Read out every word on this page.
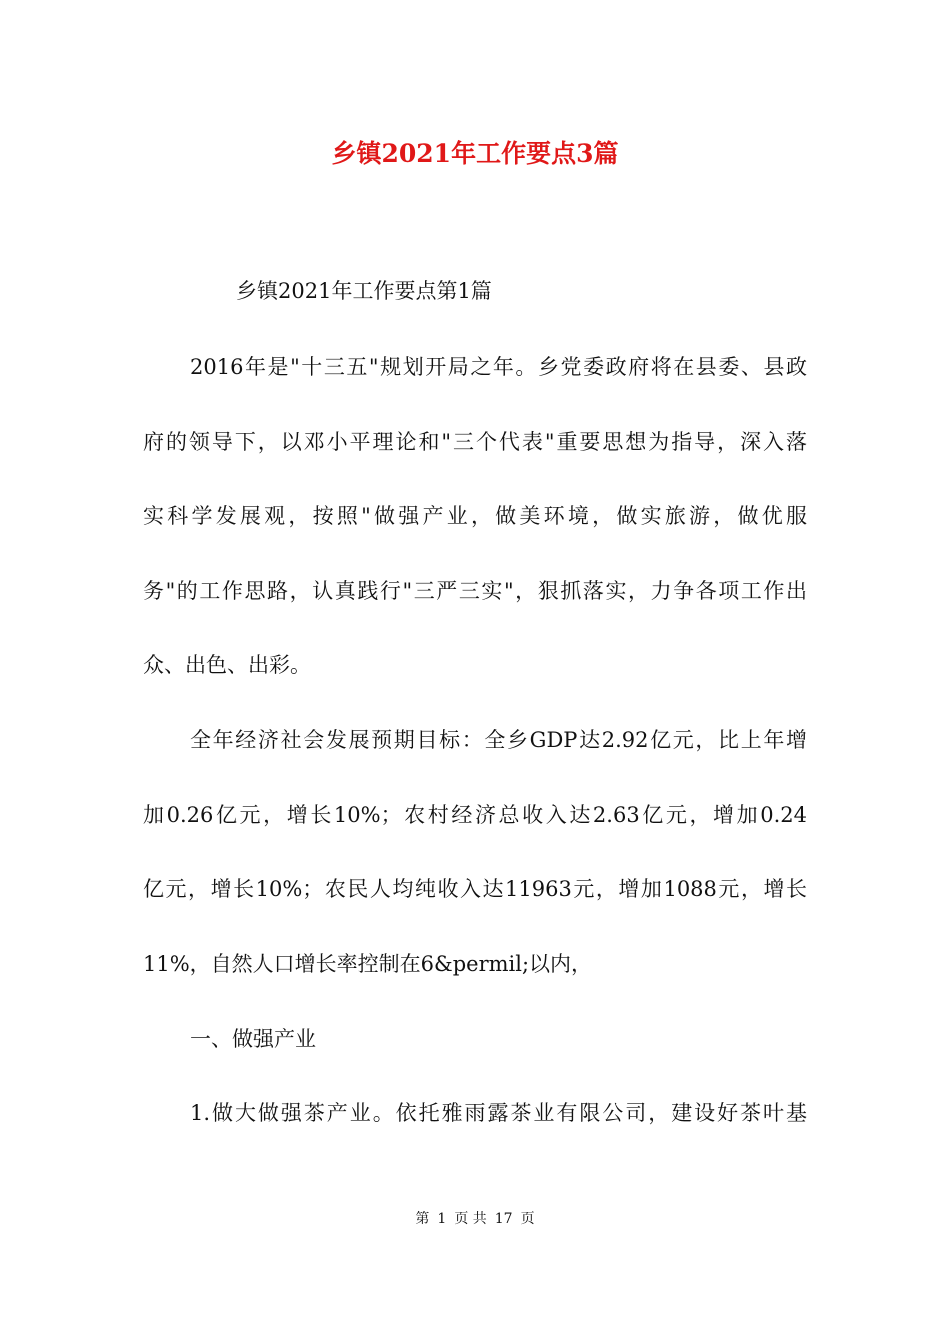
乡镇2021年工作要点3篇
乡镇2021年工作要点第1篇
2016年是"十三五"规划开局之年。乡党委政府将在县委、县政
府的领导下，以邓小平理论和"三个代表"重要思想为指导，深入落
实科学发展观，按照"做强产业，做美环境，做实旅游，做优服
务"的工作思路，认真践行"三严三实"，狠抓落实，力争各项工作出
众、出色、出彩。
全年经济社会发展预期目标：全乡GDP达2.92亿元，比上年增
加0.26亿元，增长10%；农村经济总收入达2.63亿元，增加0.24
亿元，增长10%；农民人均纯收入达11963元，增加1088元，增长
11%，自然人口增长率控制在6&permil;以内，
一、做强产业
1.做大做强茶产业。依托雅雨露茶业有限公司，建设好茶叶基
第 1 页 共 17 页
